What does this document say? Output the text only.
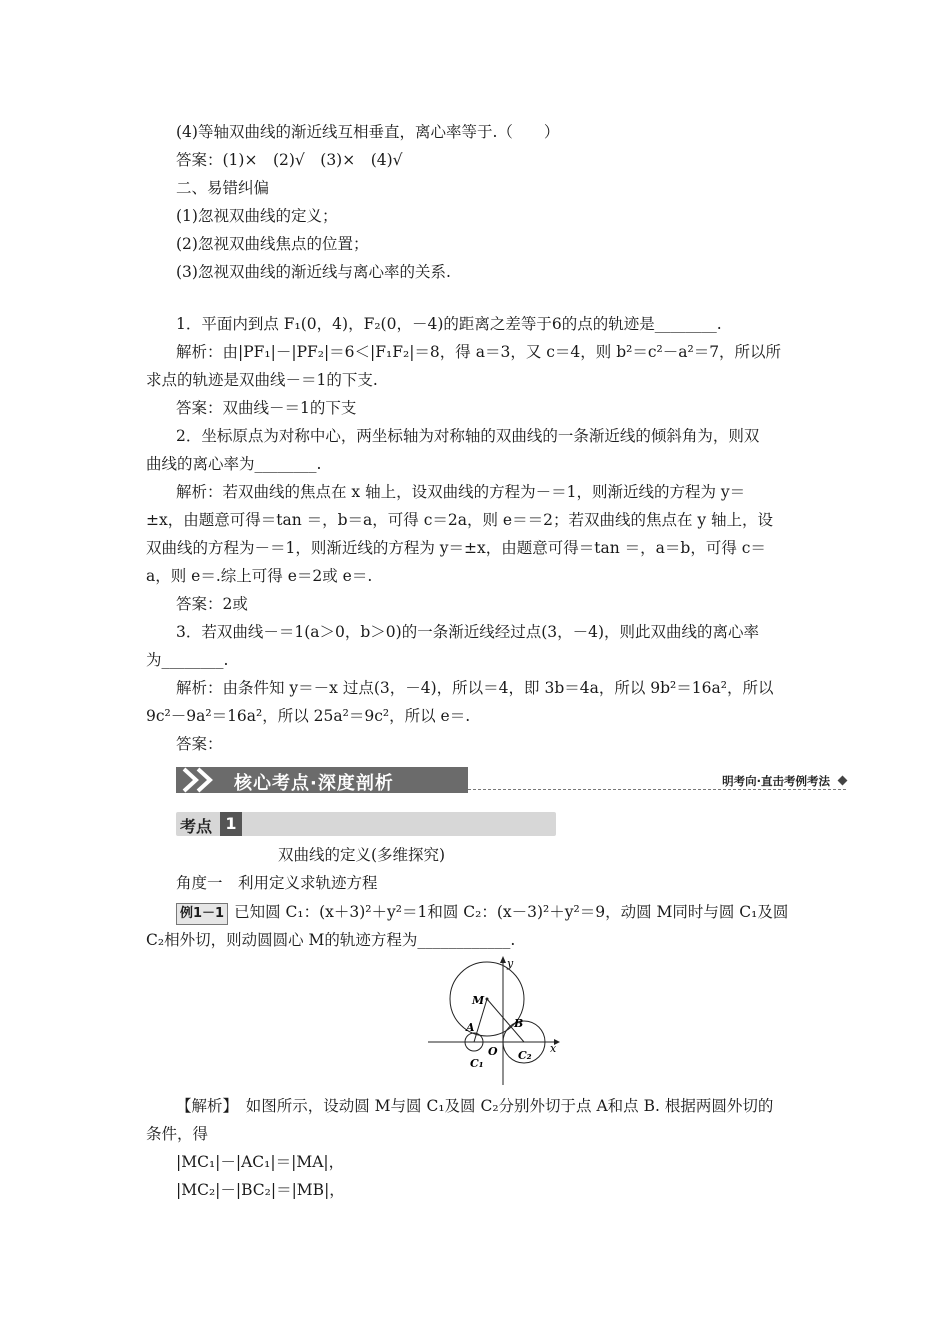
(4)等轴双曲线的渐近线互相垂直，离心率等于.（　　）
答案：(1)×　(2)√　(3)×　(4)√
二、易错纠偏
(1)忽视双曲线的定义；
(2)忽视双曲线焦点的位置；
(3)忽视双曲线的渐近线与离心率的关系.
1．平面内到点 F₁(0，4)，F₂(0，－4)的距离之差等于6的点的轨迹是________.
解析：由|PF₁|－|PF₂|＝6＜|F₁F₂|＝8，得 a＝3，又 c＝4，则 b²＝c²－a²＝7，所以所
求点的轨迹是双曲线－＝1的下支.
答案：双曲线－＝1的下支
2．坐标原点为对称中心，两坐标轴为对称轴的双曲线的一条渐近线的倾斜角为，则双
曲线的离心率为________.
解析：若双曲线的焦点在 x 轴上，设双曲线的方程为－＝1，则渐近线的方程为 y＝
±x，由题意可得＝tan ＝，b＝a，可得 c＝2a，则 e＝＝2；若双曲线的焦点在 y 轴上，设
双曲线的方程为－＝1，则渐近线的方程为 y＝±x，由题意可得＝tan ＝，a＝b，可得 c＝
a，则 e＝.综上可得 e＝2或 e＝.
答案：2或
3．若双曲线－＝1(a＞0，b＞0)的一条渐近线经过点(3，－4)，则此双曲线的离心率
为________.
解析：由条件知 y＝－x 过点(3，－4)，所以＝4，即 3b＝4a，所以 9b²＝16a²，所以
9c²－9a²＝16a²，所以 25a²＝9c²，所以 e＝.
答案：
核心考点·深度剖析	明考向·直击考例考法
考点 1
双曲线的定义(多维探究)
角度一　利用定义求轨迹方程
例1－1 已知圆 C₁：(x＋3)²＋y²＝1和圆 C₂：(x－3)²＋y²＝9，动圆 M同时与圆 C₁及圆
C₂相外切，则动圆圆心 M的轨迹方程为____________.
y
x
M
A	B
O
C₁
C₂
【解析】　如图所示，设动圆 M与圆 C₁及圆 C₂分别外切于点 A和点 B. 根据两圆外切的
条件，得
|MC₁|－|AC₁|＝|MA|，
|MC₂|－|BC₂|＝|MB|，
